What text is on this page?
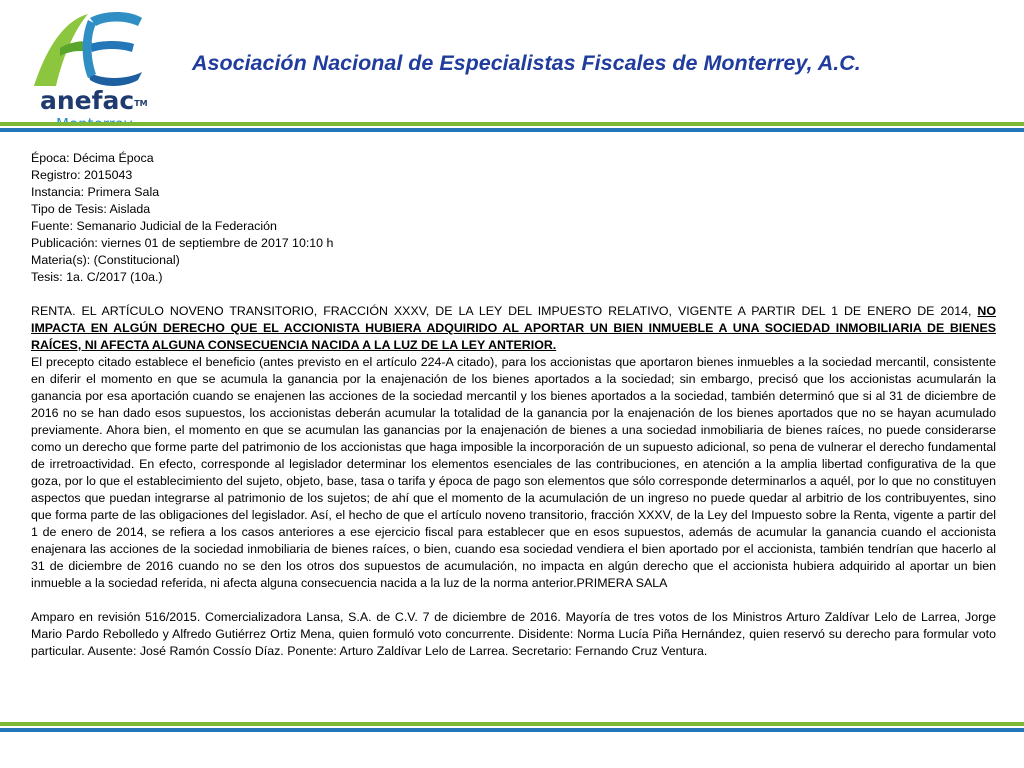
anefac™
Asociación Nacional de Especialistas Fiscales de Monterrey, A.C.

Época: Décima Época

Registro: 2015043

Instancia: Primera Sala

Tipo de Tesis: Aislada

Fuente: Semanario Judicial de la Federación

Publicación: viernes 01 de septiembre de 2017 10:10 h

Materia(s): (Constitucional)

Tesis: 1a. C/2017 (10a.)

RENTA. EL ARTÍCULO NOVENO TRANSITORIO, FRACCIÓN XXXV, DE LA LEY DEL IMPUESTO RELATIVO, VIGENTE A PARTIR DEL 1 DE ENERO DE 2014, NO IMPACTA EN ALGÚN DERECHO QUE EL ACCIONISTA HUBIERA ADQUIRIDO AL APORTAR UN BIEN INMUEBLE A UNA SOCIEDAD INMOBILIARIA DE BIENES RAÍCES, NI AFECTA ALGUNA CONSECUENCIA NACIDA A LA LUZ DE LA LEY ANTERIOR.

El precepto citado establece el beneficio (antes previsto en el artículo 224-A citado), para los accionistas que aportaron bienes inmuebles a la sociedad mercantil, consistente en diferir el momento en que se acumula la ganancia por la enajenación de los bienes aportados a la sociedad; sin embargo, precisó que los accionistas acumularán la ganancia por esa aportación cuando se enajenen las acciones de la sociedad mercantil y los bienes aportados a la sociedad, también determinó que si al 31 de diciembre de 2016 no se han dado esos supuestos, los accionistas deberán acumular la totalidad de la ganancia por la enajenación de los bienes aportados que no se hayan acumulado previamente. Ahora bien, el momento en que se acumulan las ganancias por la enajenación de bienes a una sociedad inmobiliaria de bienes raíces, no puede considerarse como un derecho que forme parte del patrimonio de los accionistas que haga imposible la incorporación de un supuesto adicional, so pena de vulnerar el derecho fundamental de irretroactividad. En efecto, corresponde al legislador determinar los elementos esenciales de las contribuciones, en atención a la amplia libertad configurativa de la que goza, por lo que el establecimiento del sujeto, objeto, base, tasa o tarifa y época de pago son elementos que sólo corresponde determinarlos a aquél, por lo que no constituyen aspectos que puedan integrarse al patrimonio de los sujetos; de ahí que el momento de la acumulación de un ingreso no puede quedar al arbitrio de los contribuyentes, sino que forma parte de las obligaciones del legislador. Así, el hecho de que el artículo noveno transitorio, fracción XXXV, de la Ley del Impuesto sobre la Renta, vigente a partir del 1 de enero de 2014, se refiera a los casos anteriores a ese ejercicio fiscal para establecer que en esos supuestos, además de acumular la ganancia cuando el accionista enajenara las acciones de la sociedad inmobiliaria de bienes raíces, o bien, cuando esa sociedad vendiera el bien aportado por el accionista, también tendrían que hacerlo al 31 de diciembre de 2016 cuando no se den los otros dos supuestos de acumulación, no impacta en algún derecho que el accionista hubiera adquirido al aportar un bien inmueble a la sociedad referida, ni afecta alguna consecuencia nacida a la luz de la norma anterior.PRIMERA SALA

Amparo en revisión 516/2015. Comercializadora Lansa, S.A. de C.V. 7 de diciembre de 2016. Mayoría de tres votos de los Ministros Arturo Zaldívar Lelo de Larrea, Jorge Mario Pardo Rebolledo y Alfredo Gutiérrez Ortiz Mena, quien formuló voto concurrente. Disidente: Norma Lucía Piña Hernández, quien reservó su derecho para formular voto particular. Ausente: José Ramón Cossío Díaz. Ponente: Arturo Zaldívar Lelo de Larrea. Secretario: Fernando Cruz Ventura.
